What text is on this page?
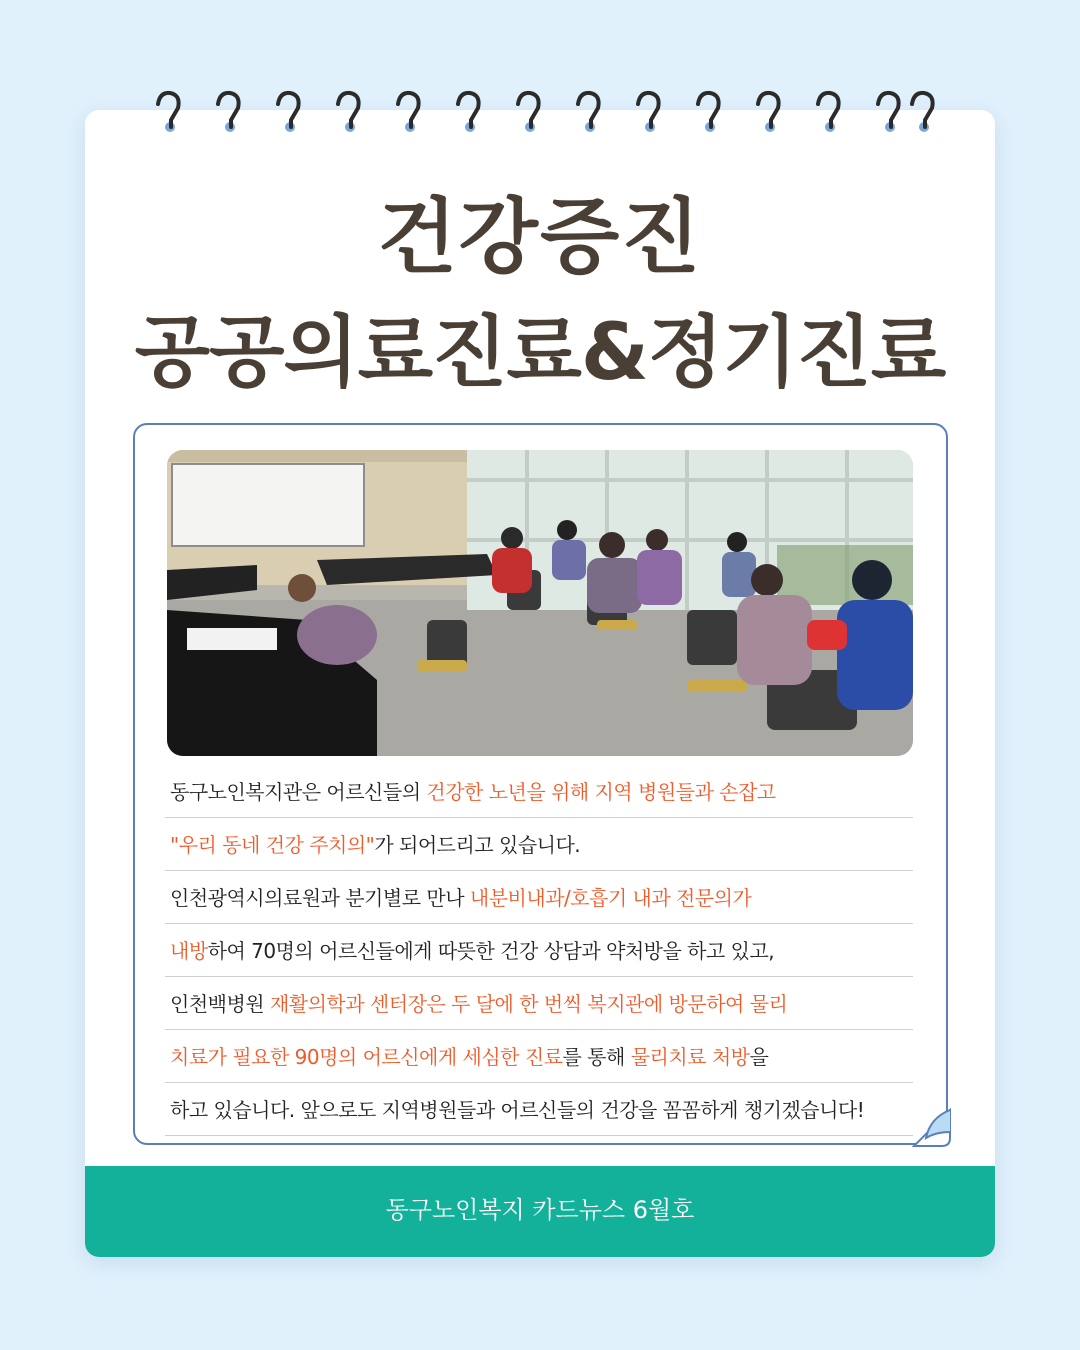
건강증진
공공의료진료&정기진료
동구노인복지관은 어르신들의 건강한 노년을 위해 지역 병원들과 손잡고
"우리 동네 건강 주치의"가 되어드리고 있습니다.
인천광역시의료원과 분기별로 만나 내분비내과/호흡기 내과 전문의가
내방하여 70명의 어르신들에게 따뜻한 건강 상담과 약처방을 하고 있고,
인천백병원 재활의학과 센터장은 두 달에 한 번씩 복지관에 방문하여 물리
치료가 필요한 90명의 어르신에게 세심한 진료를 통해 물리치료 처방을
하고 있습니다. 앞으로도 지역병원들과 어르신들의 건강을 꼼꼼하게 챙기겠습니다!
동구노인복지 카드뉴스 6월호
